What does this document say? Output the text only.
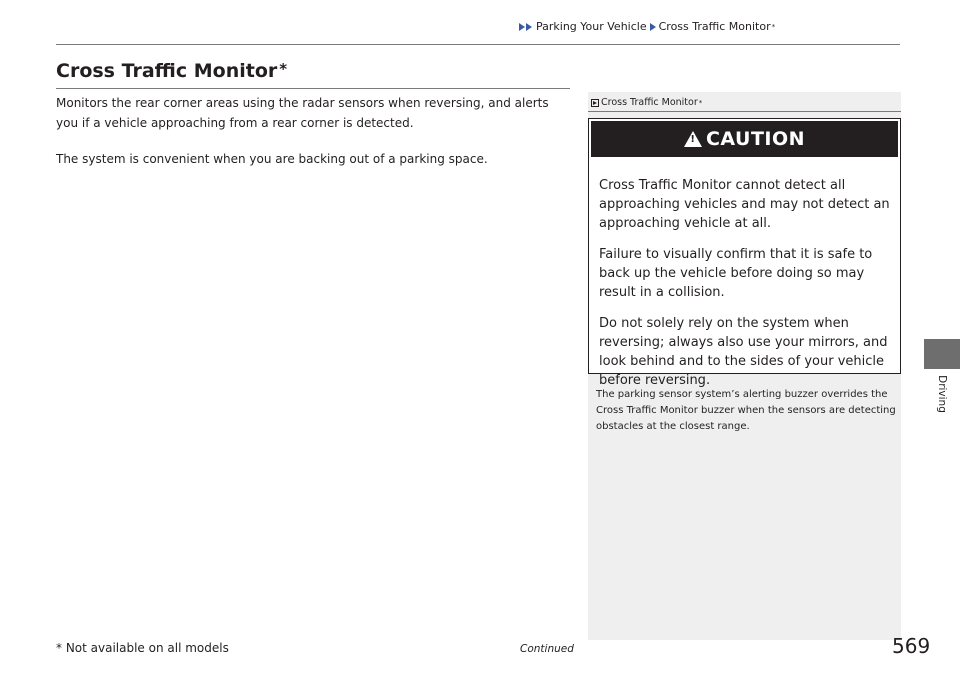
Parking Your Vehicle Cross Traffic Monitor *
Cross Traffic Monitor *

Monitors the rear corner areas using the radar sensors when reversing, and alerts you if a vehicle approaching from a rear corner is detected.

The system is convenient when you are backing out of a parking space.

Cross Traffic Monitor *
!
CAUTION

Cross Traffic Monitor cannot detect all approaching vehicles and may not detect an approaching vehicle at all.

Failure to visually confirm that it is safe to back up the vehicle before doing so may result in a collision.

Do not solely rely on the system when reversing; always also use your mirrors, and look behind and to the sides of your vehicle before reversing.

The parking sensor system’s alerting buzzer overrides the Cross Traffic Monitor buzzer when the sensors are detecting obstacles at the closest range.

Driving
* Not available on all models	Continued	569
